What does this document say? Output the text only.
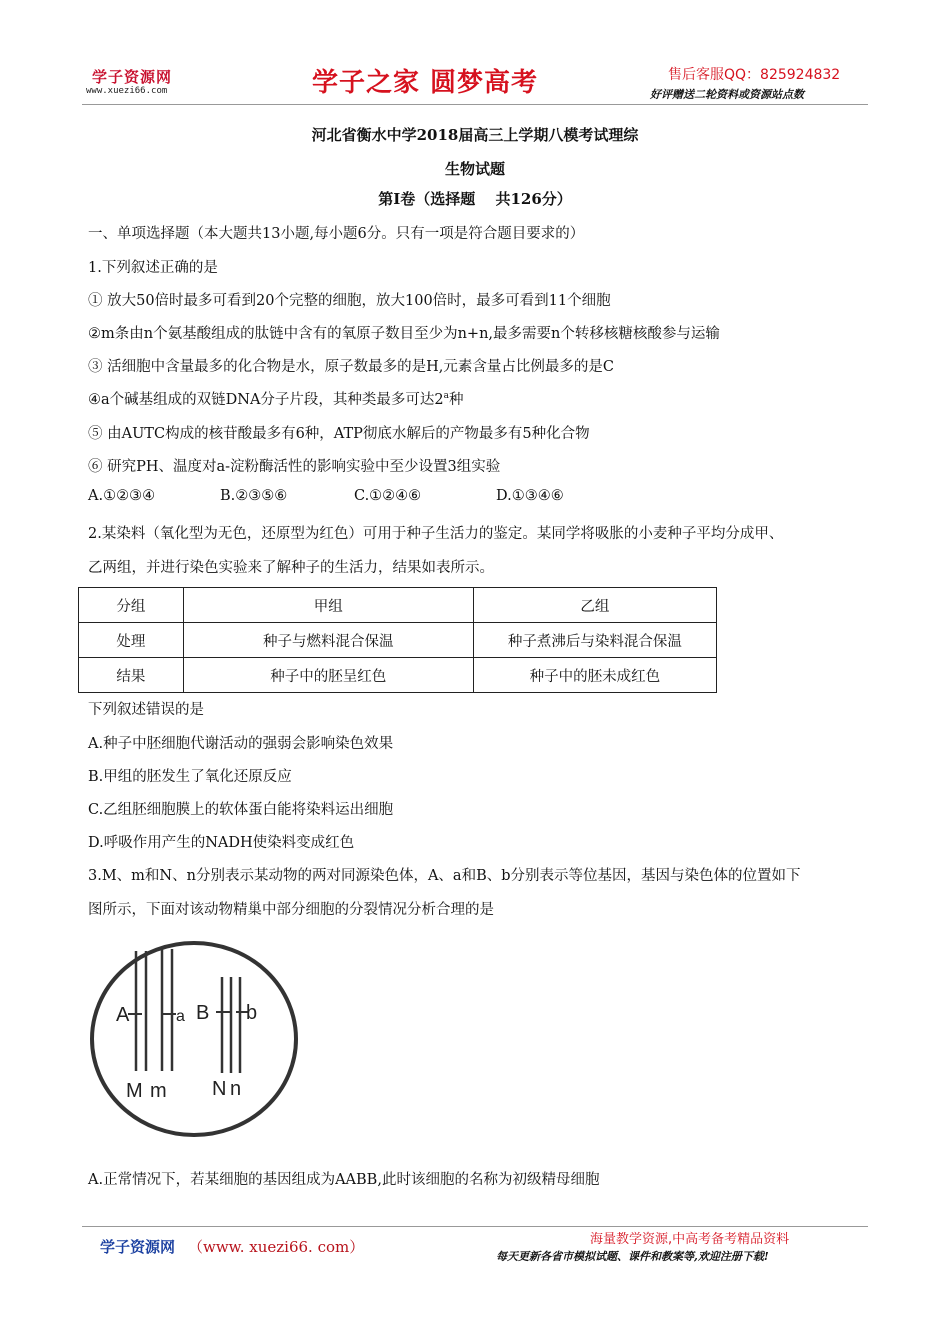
学子资源网
www.xuezi66.com	学子之家 圆梦高考	售后客服QQ：825924832
好评赠送二轮资料或资源站点数
河北省衡水中学2018届高三上学期八模考试理综
生物试题
第Ⅰ卷（选择题　 共126分）
一、单项选择题（本大题共13小题,每小题6分。只有一项是符合题目要求的）
1.下列叙述正确的是
① 放大50倍时最多可看到20个完整的细胞，放大100倍时，最多可看到11个细胞
②m条由n个氨基酸组成的肽链中含有的氧原子数目至少为n+n,最多需要n个转移核糖核酸参与运输
③ 活细胞中含量最多的化合物是水，原子数最多的是H,元素含量占比例最多的是C
④a个碱基组成的双链DNA分子片段，其种类最多可达2$^a$种
⑤ 由AUTC构成的核苷酸最多有6种，ATP彻底水解后的产物最多有5种化合物
⑥ 研究PH、温度对a-淀粉酶活性的影响实验中至少设置3组实验
A.①②③④	B.②③⑤⑥	C.①②④⑥	D.①③④⑥
2.某染料（氧化型为无色，还原型为红色）可用于种子生活力的鉴定。某同学将吸胀的小麦种子平均分成甲、
乙两组，并进行染色实验来了解种子的生活力，结果如表所示。
分组	甲组	乙组
处理	种子与燃料混合保温	种子煮沸后与染料混合保温
结果	种子中的胚呈红色	种子中的胚未成红色
下列叙述错误的是
A.种子中胚细胞代谢活动的强弱会影响染色效果
B.甲组的胚发生了氧化还原反应
C.乙组胚细胞膜上的软体蛋白能将染料运出细胞
D.呼吸作用产生的NADH使染料变成红色
3.M、m和N、n分别表示某动物的两对同源染色体，A、a和B、b分别表示等位基因，基因与染色体的位置如下
图所示，下面对该动物精巢中部分细胞的分裂情况分析合理的是
A	a B b
M m N n
A.正常情况下，若某细胞的基因组成为AABB,此时该细胞的名称为初级精母细胞
学子资源网 （www. xuezi66. com）	海量教学资源,中高考备考精品资料
每天更新各省市模拟试题、课件和教案等,欢迎注册下载!
